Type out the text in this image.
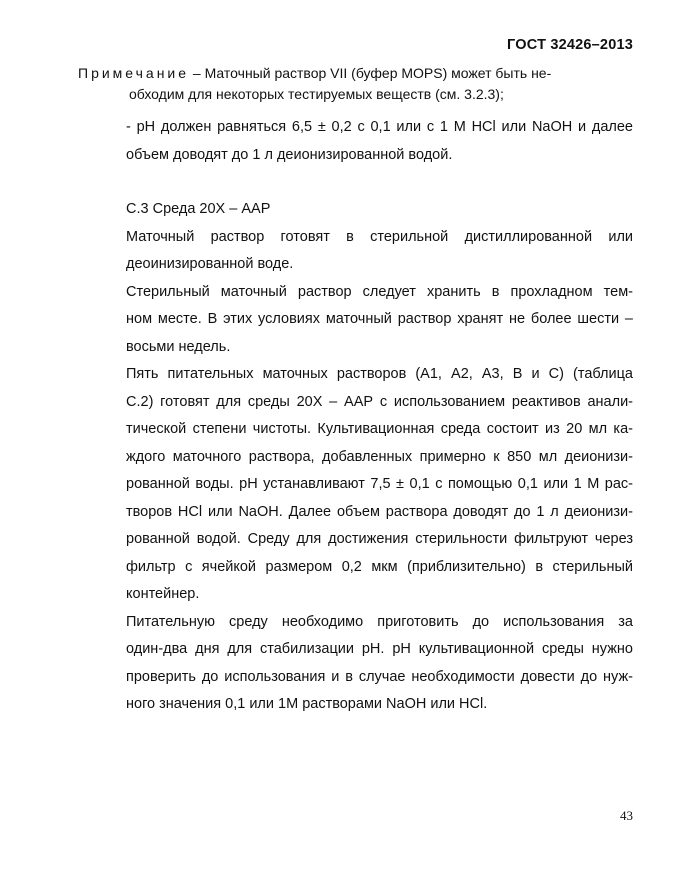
ГОСТ 32426–2013
Примечание – Маточный раствор VII (буфер MOPS) может быть не-
обходим для некоторых тестируемых веществ (см. 3.2.3);

- pH должен равняться 6,5 ± 0,2 с 0,1 или с 1 М HCl или NaOH и далее
объем доводят до 1 л деионизированной водой.

С.3 Среда 20Х – ААР

Маточный раствор готовят в стерильной дистиллированной или
деоинизированной воде.

Стерильный маточный раствор следует хранить в прохладном тем-
ном месте. В этих условиях маточный раствор хранят не более шести –
восьми недель.

Пять питательных маточных растворов (А1, А2, А3, В и С) (таблица
С.2) готовят для среды 20Х – ААР с использованием реактивов анали-
тической степени чистоты. Культивационная среда состоит из 20 мл ка-
ждого маточного раствора, добавленных примерно к 850 мл деионизи-
рованной воды. pH устанавливают 7,5 ± 0,1 с помощью 0,1 или 1 М рас-
творов HCl или NaOH. Далее объем раствора доводят до 1 л деионизи-
рованной водой. Среду для достижения стерильности фильтруют через
фильтр с ячейкой размером 0,2 мкм (приблизительно) в стерильный
контейнер.

Питательную среду необходимо приготовить до использования за
один-два дня для стабилизации pH. pH культивационной среды нужно
проверить до использования и в случае необходимости довести до нуж-
ного значения 0,1 или 1М растворами NaOH или HCl.

43
